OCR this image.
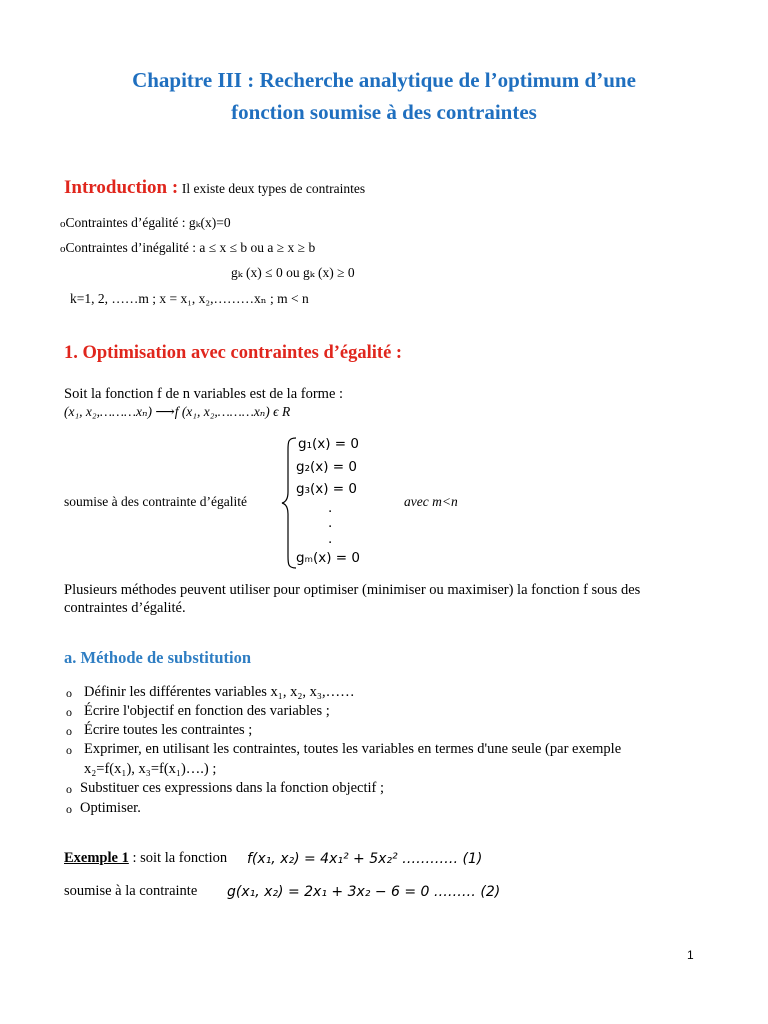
Chapitre III : Recherche analytique de l’optimum d’une
fonction soumise à des contraintes
Introduction : Il existe deux types de contraintes
oContraintes d’égalité : gₖ(x)=0
oContraintes d’inégalité : a ≤ x ≤ b ou a ≥ x ≥ b
gₖ (x) ≤ 0 ou gₖ (x) ≥ 0
k=1, 2, ……m ; x = x₁, x₂,………xₙ ; m < n
1. Optimisation avec contraintes d’égalité :
Soit la fonction f de n variables est de la forme :
(x₁, x₂,………xₙ) ⟶f (x₁, x₂,………xₙ) ϵ R
soumise à des contrainte d’égalité
g₁(x) = 0
g₂(x) = 0
g₃(x) = 0
.
.
.
gₘ(x) = 0
avec m<n
Plusieurs méthodes peuvent utiliser pour optimiser (minimiser ou maximiser) la fonction f sous des
contraintes d’égalité.
a. Méthode de substitution
o Définir les différentes variables x₁, x₂, x₃,……
o Écrire l'objectif en fonction des variables ;
o Écrire toutes les contraintes ;
o Exprimer, en utilisant les contraintes, toutes les variables en termes d'une seule (par exemple
x₂=f(x₁), x₃=f(x₁)….) ;
o Substituer ces expressions dans la fonction objectif ;
o Optimiser.
Exemple 1 : soit la fonction f(x₁, x₂) = 4x₁² + 5x₂² ………… (1)
soumise à la contrainte g(x₁, x₂) = 2x₁ + 3x₂ − 6 = 0 ……… (2)
1
